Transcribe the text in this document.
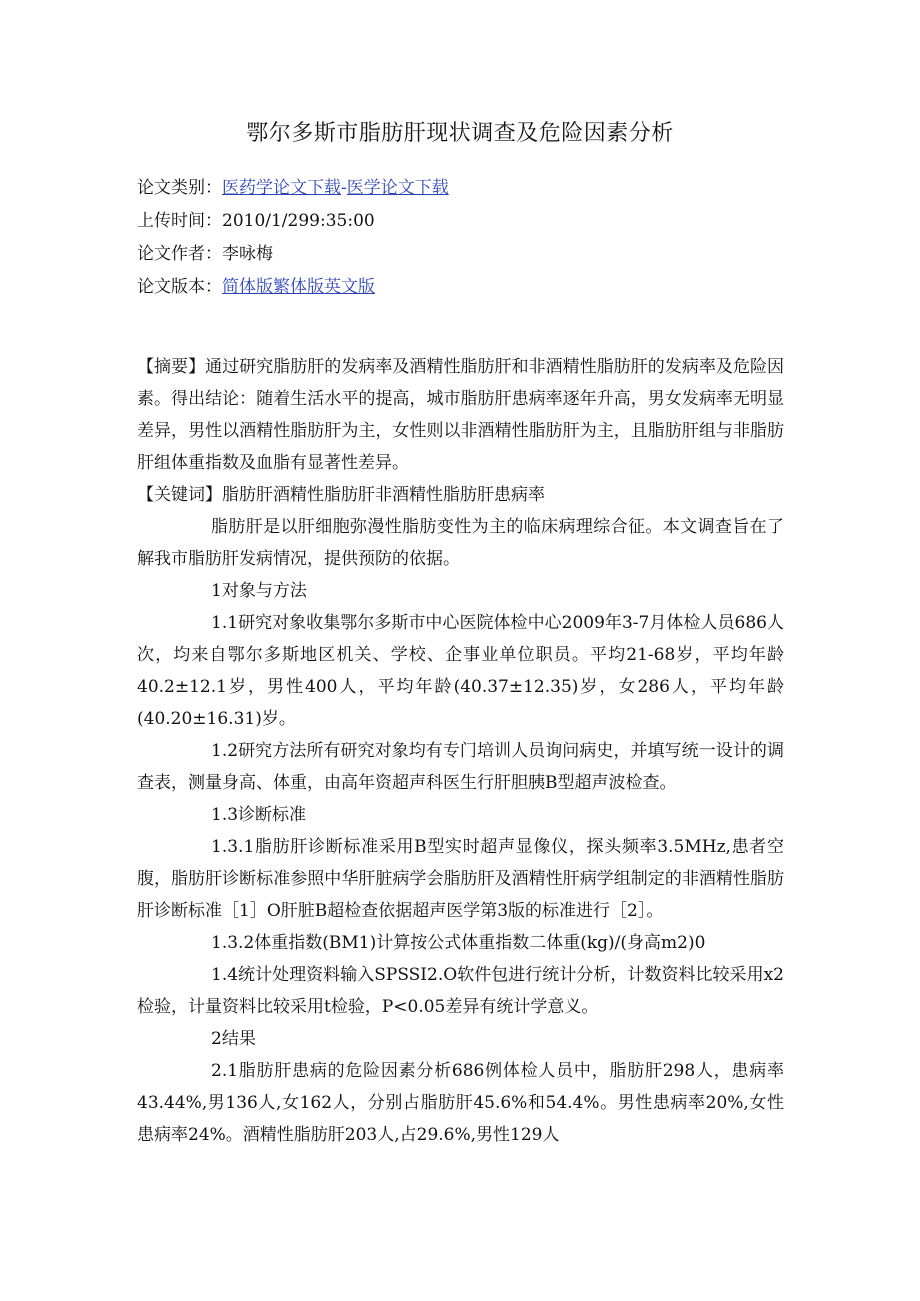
鄂尔多斯市脂肪肝现状调查及危险因素分析
论文类别：医药学论文下载-医学论文下载
上传时间：2010/1/299:35:00
论文作者：李咏梅
论文版本：简体版繁体版英文版

【摘要】通过研究脂肪肝的发病率及酒精性脂肪肝和非酒精性脂肪肝的发病率及危险因素。得出结论：随着生活水平的提高，城市脂肪肝患病率逐年升高，男女发病率无明显差异，男性以酒精性脂肪肝为主，女性则以非酒精性脂肪肝为主，且脂肪肝组与非脂肪肝组体重指数及血脂有显著性差异。

【关键词】脂肪肝酒精性脂肪肝非酒精性脂肪肝患病率

脂肪肝是以肝细胞弥漫性脂肪变性为主的临床病理综合征。本文调查旨在了解我市脂肪肝发病情况，提供预防的依据。

1对象与方法

1.1研究对象收集鄂尔多斯市中心医院体检中心2009年3-7月体检人员686人次，均来自鄂尔多斯地区机关、学校、企事业单位职员。平均21-68岁，平均年龄40.2±12.1岁，男性400人，平均年龄(40.37±12.35)岁，女286人，平均年龄(40.20±16.31)岁。

1.2研究方法所有研究对象均有专门培训人员询问病史，并填写统一设计的调查表，测量身高、体重，由高年资超声科医生行肝胆胰B型超声波检查。

1.3诊断标准

1.3.1脂肪肝诊断标准采用B型实时超声显像仪，探头频率3.5MHz,患者空腹，脂肪肝诊断标准参照中华肝脏病学会脂肪肝及酒精性肝病学组制定的非酒精性脂肪肝诊断标准［1］O肝脏B超检查依据超声医学第3版的标准进行［2］。

1.3.2体重指数(BM1)计算按公式体重指数二体重(kg)/(身高m2)0

1.4统计处理资料输入SPSSI2.O软件包进行统计分析，计数资料比较采用x2检验，计量资料比较采用t检验，P<0.05差异有统计学意义。

2结果

2.1脂肪肝患病的危险因素分析686例体检人员中，脂肪肝298人，患病率43.44%,男136人,女162人，分别占脂肪肝45.6%和54.4%。男性患病率20%,女性患病率24%。酒精性脂肪肝203人,占29.6%,男性129人
